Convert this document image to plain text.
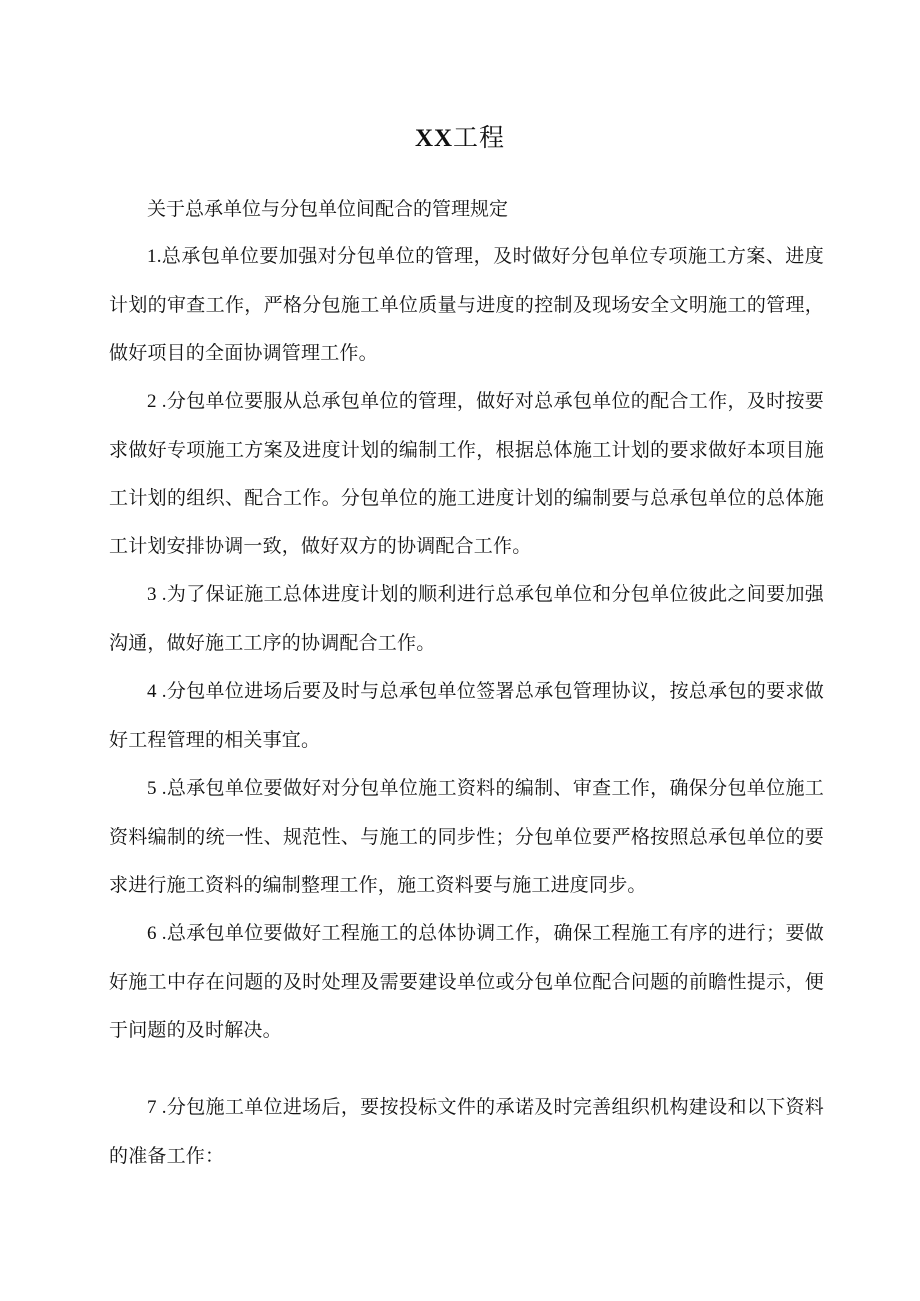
XX工程
关于总承单位与分包单位间配合的管理规定

1.总承包单位要加强对分包单位的管理，及时做好分包单位专项施工方案、进度计划的审查工作，严格分包施工单位质量与进度的控制及现场安全文明施工的管理，做好项目的全面协调管理工作。

2 .分包单位要服从总承包单位的管理，做好对总承包单位的配合工作，及时按要求做好专项施工方案及进度计划的编制工作，根据总体施工计划的要求做好本项目施工计划的组织、配合工作。分包单位的施工进度计划的编制要与总承包单位的总体施工计划安排协调一致，做好双方的协调配合工作。

3 .为了保证施工总体进度计划的顺利进行总承包单位和分包单位彼此之间要加强沟通，做好施工工序的协调配合工作。

4 .分包单位进场后要及时与总承包单位签署总承包管理协议，按总承包的要求做好工程管理的相关事宜。

5 .总承包单位要做好对分包单位施工资料的编制、审查工作，确保分包单位施工资料编制的统一性、规范性、与施工的同步性；分包单位要严格按照总承包单位的要求进行施工资料的编制整理工作，施工资料要与施工进度同步。

6 .总承包单位要做好工程施工的总体协调工作，确保工程施工有序的进行；要做好施工中存在问题的及时处理及需要建设单位或分包单位配合问题的前瞻性提示，便于问题的及时解决。

7 .分包施工单位进场后，要按投标文件的承诺及时完善组织机构建设和以下资料的准备工作：
